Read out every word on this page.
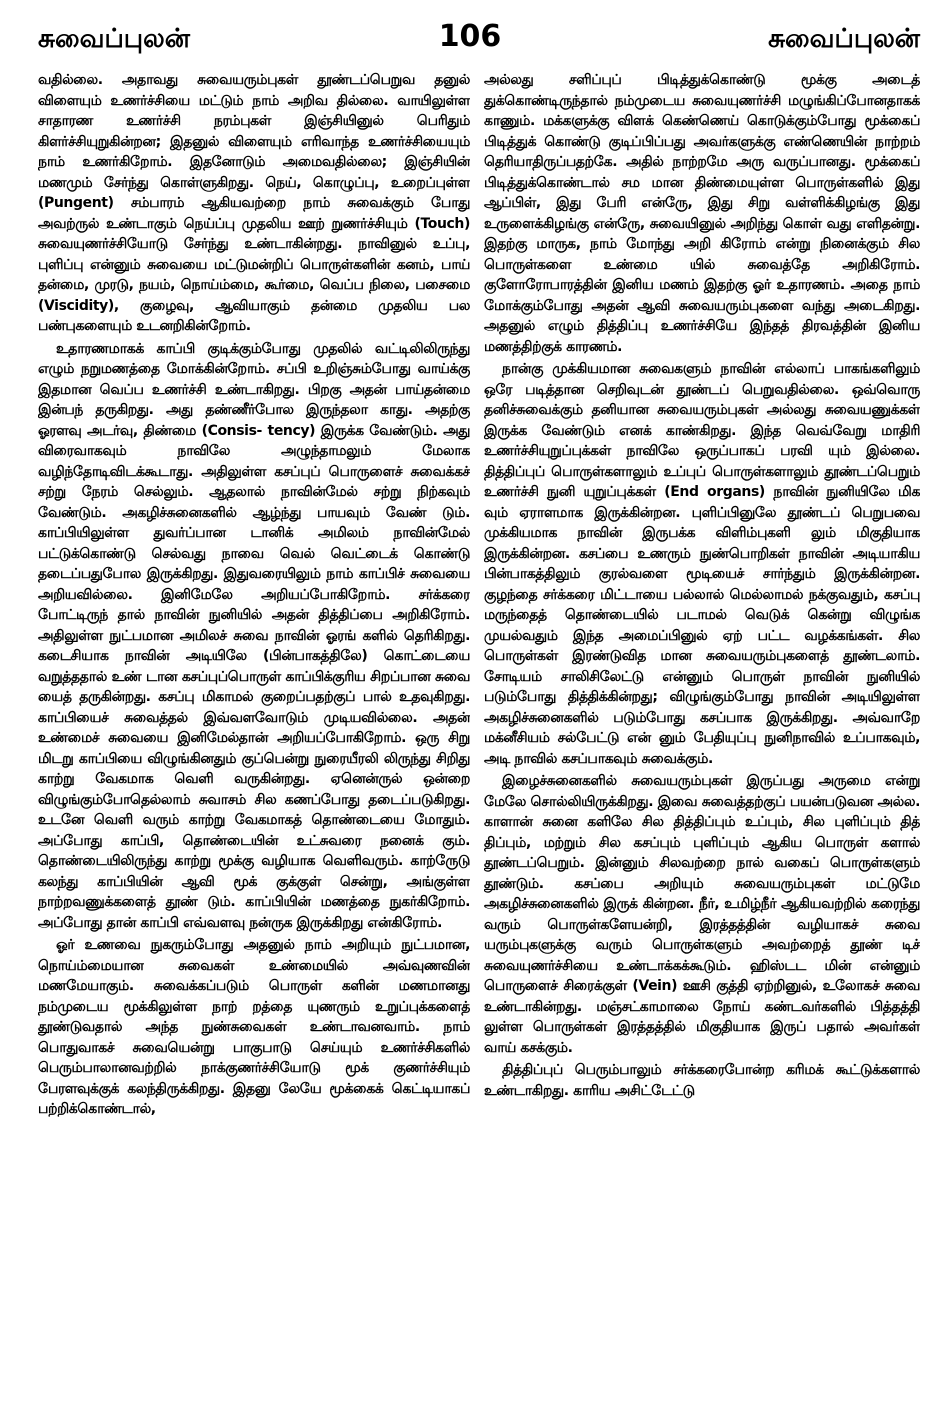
சுவைப்புலன்	106	சுவைப்புலன்

வதில்லை. அதாவது சுவையரும்புகள் தூண்டப்பெறுவ தனுல் விளையும் உணர்ச்சியை மட்டும் நாம் அறிவ தில்லை. வாயிலுள்ள சாதாரண உணர்ச்சி நரம்புகள் இஞ்சியினுல் பெரிதும் கிளர்ச்சியுறுகின்றன; இதனுல் விளையும் எரிவாந்த உணர்ச்சியையும் நாம் உணர்கிறோம். இதனோடும் அமைவதில்லை; இஞ்சியின் மணமும் சேர்ந்து கொள்ளுகிறது. நெய், கொழுப்பு, உறைப்புள்ள (Pungent) சம்பாரம் ஆகியவற்றை நாம் சுவைக்கும் போது அவற்ருல் உண்டாகும் நெய்ப்பு முதலிய ஊற் றுணர்ச்சியும் (Touch) சுவையுணர்ச்சியோடு சேர்ந்து உண்டாகின்றது. நாவினுல் உப்பு, புளிப்பு என்னும் சுவையை மட்டுமன்றிப் பொருள்களின் கனம், பாய் தன்மை, முரடு, நயம், நொய்ம்மை, கூர்மை, வெப்ப நிலை, பசைமை (Viscidity), குழைவு, ஆவியாகும் தன்மை முதலிய பல பண்புகளையும் உடனறிகின்றோம்.

உதாரணமாகக் காப்பி குடிக்கும்போது முதலில் வட்டிலிலிருந்து எழும் நறுமணத்தை மோக்கின்றோம். சப்பி உறிஞ்சும்போது வாய்க்கு இதமான வெப்ப உணர்ச்சி உண்டாகிறது. பிறகு அதன் பாய்தன்மை இன்பந் தருகிறது. அது தண்ணீர்போல இருந்தலா காது. அதற்கு ஓரளவு அடர்வு, திண்மை (Consis- tency) இருக்க வேண்டும். அது விரைவாகவும் நாவிலே அழுந்தாமலும் மேலாக வழிந்தோடிவிடக்கூடாது. அதிலுள்ள கசப்புப் பொருளைச் சுவைக்கச் சற்று நேரம் செல்லும். ஆதலால் நாவின்மேல் சற்று நிற்கவும் வேண்டும். அகழிச்சுனைகளில் ஆழ்ந்து பாயவும் வேண் டும். காப்பியிலுள்ள துவர்ப்பான டானிக் அமிலம் நாவின்மேல் பட்டுக்கொண்டு செல்வது நாவை வெல் வெட்டைக் கொண்டு தடைப்பதுபோல இருக்கிறது. இதுவரையிலும் நாம் காப்பிச் சுவையை அறியவில்லை. இனிமேலே அறியப்போகிறோம். சர்க்கரை போட்டிருந் தால் நாவின் நுனியில் அதன் தித்திப்பை அறிகிரோம். அதிலுள்ள நுட்பமான அமிலச் சுவை நாவின் ஓரங் களில் தெரிகிறது. கடைசியாக நாவின் அடியிலே (பின்பாகத்திலே) கொட்டையை வறுத்ததால் உண் டான கசப்புப்பொருள் காப்பிக்குரிய சிறப்பான சுவை யைத் தருகின்றது. கசப்பு மிகாமல் குறைப்பதற்குப் பால் உதவுகிறது. காப்பியைச் சுவைத்தல் இவ்வளவோடும் முடியவில்லை. அதன் உண்மைச் சுவையை இனிமேல்தான் அறியப்போகிறோம். ஒரு சிறு மிடறு காப்பியை விழுங்கினதும் குப்பென்று நுரையீரலி லிருந்து சிறிது காற்று வேகமாக வெளி வருகின்றது. ஏனென்ருல் ஒன்றை விழுங்கும்போதெல்லாம் சுவாசம் சில கணப்போது தடைப்படுகிறது. உடனே வெளி வரும் காற்று வேகமாகத் தொண்டையை மோதும். அப்போது காப்பி, தொண்டையின் உட்சுவரை நனைக் கும். தொண்டையிலிருந்து காற்று மூக்கு வழியாக வெளிவரும். காற்ருேடு கலந்து காப்பியின் ஆவி மூக் குக்குள் சென்று, அங்குள்ள நாற்றவணுக்களைத் தூண் டும். காப்பியின் மணத்தை நுகர்கிறோம். அப்போது தான் காப்பி எவ்வளவு நன்ருக இருக்கிறது என்கிரோம்.

ஓர் உணவை நுகரும்போது அதனுல் நாம் அறியும் நுட்பமான, நொய்ம்மையான சுவைகள் உண்மையில் அவ்வுணவின் மணமேயாகும். சுவைக்கப்படும் பொருள் களின் மணமானது நம்முடைய மூக்கிலுள்ள நாற் றத்தை யுணரும் உறுப்புக்களைத் தூண்டுவதால் அந்த நுண்சுவைகள் உண்டாவனவாம். நாம் பொதுவாகச் சுவையென்று பாகுபாடு செய்யும் உணர்ச்சிகளில் பெரும்பாலானவற்றில் நாக்குணர்ச்சியோடு மூக் குணர்ச்சியும் பேரளவுக்குக் கலந்திருக்கிறது. இதனு லேயே மூக்கைக் கெட்டியாகப் பற்றிக்கொண்டால்,

அல்லது சளிப்புப் பிடித்துக்கொண்டு மூக்கு அடைத் துக்கொண்டிருந்தால் நம்முடைய சுவையுணர்ச்சி மழுங்கிப்போனதாகக் காணும். மக்களுக்கு விளக் கெண்ணெய் கொடுக்கும்போது மூக்கைப் பிடித்துக் கொண்டு குடிப்பிப்பது அவர்களுக்கு எண்ணெயின் நாற்றம் தெரியாதிருப்பதற்கே. அதில் நாற்றமே அரு வருப்பானது. மூக்கைப் பிடித்துக்கொண்டால் சம மான திண்மையுள்ள பொருள்களில் இது ஆப்பிள், இது பேரி என்ருே, இது சிறு வள்ளிக்கிழங்கு இது உருளைக்கிழங்கு என்ருே, சுவையினுல் அறிந்து கொள் வது எளிதன்று. இதற்கு மாருக, நாம் மோந்து அறி கிரோம் என்று நினைக்கும் சில பொருள்களை உண்மை யில் சுவைத்தே அறிகிரோம். குளோரோபாரத்தின் இனிய மணம் இதற்கு ஓர் உதாரணம். அதை நாம் மோக்கும்போது அதன் ஆவி சுவையரும்புகளை வந்து அடைகிறது. அதனுல் எழும் தித்திப்பு உணர்ச்சியே இந்தத் திரவத்தின் இனிய மணத்திற்குக் காரணம்.

நான்கு முக்கியமான சுவைகளும் நாவின் எல்லாப் பாகங்களிலும் ஒரே படித்தான செறிவுடன் தூண்டப் பெறுவதில்லை. ஒவ்வொரு தனிச்சுவைக்கும் தனியான சுவையரும்புகள் அல்லது சுவையணுக்கள் இருக்க வேண்டும் எனக் காண்கிறது. இந்த வெவ்வேறு மாதிரி உணர்ச்சியுறுப்புக்கள் நாவிலே ஒருப்பாகப் பரவி யும் இல்லை. தித்திப்புப் பொருள்களாலும் உப்புப் பொருள்களாலும் தூண்டப்பெறும் உணர்ச்சி நுனி யுறுப்புக்கள் (End organs) நாவின் நுனியிலே மிக வும் ஏராளமாக இருக்கின்றன. புளிப்பினுலே தூண்டப் பெறுபவை முக்கியமாக நாவின் இருபக்க விளிம்புகளி லும் மிகுதியாக இருக்கின்றன. கசப்பை உணரும் நுண்பொறிகள் நாவின் அடியாகிய பின்பாகத்திலும் குரல்வளை மூடியைச் சார்ந்தும் இருக்கின்றன. குழந்தை சர்க்கரை மிட்டாயை பல்லால் மெல்லாமல் நக்குவதும், கசப்பு மருந்தைத் தொண்டையில் படாமல் வெடுக் கென்று விழுங்க முயல்வதும் இந்த அமைப்பினுல் ஏற் பட்ட வழக்கங்கள். சில பொருள்கள் இரண்டுவித மான சுவையரும்புகளைத் தூண்டலாம். சோடியம் சாலிசிலேட்டு என்னும் பொருள் நாவின் நுனியில் படும்போது தித்திக்கின்றது; விழுங்கும்போது நாவின் அடியிலுள்ள அகழிச்சுனைகளில் படும்போது கசப்பாக இருக்கிறது. அவ்வாறே மக்னீசியம் சல்பேட்டு என் னும் பேதியுப்பு நுனிநாவில் உப்பாகவும், அடி நாவில் கசப்பாகவும் சுவைக்கும்.

இழைச்சுனைகளில் சுவையரும்புகள் இருப்பது அருமை என்று மேலே சொல்லியிருக்கிறது. இவை சுவைத்தற்குப் பயன்படுவன அல்ல. காளான் சுனை களிலே சில தித்திப்பும் உப்பும், சில புளிப்பும் தித் திப்பும், மற்றும் சில கசப்பும் புளிப்பும் ஆகிய பொருள் களால் தூண்டப்பெறும். இன்னும் சிலவற்றை நால் வகைப் பொருள்களும் தூண்டும். கசப்பை அறியும் சுவையரும்புகள் மட்டுமே அகழிச்சுனைகளில் இருக் கின்றன. நீர், உமிழ்நீர் ஆகியவற்றில் கரைந்து வரும் பொருள்களேயன்றி, இரத்தத்தின் வழியாகச் சுவை யரும்புகளுக்கு வரும் பொருள்களும் அவற்றைத் தூண் டிச் சுவையுணர்ச்சியை உண்டாக்கக்கூடும். ஹிஸ்டட மின் என்னும் பொருளைச் சிரைக்குள் (Vein) ஊசி குத்தி ஏற்றினுல், உலோகச் சுவை உண்டாகின்றது. மஞ்சட்காமாலை நோய் கண்டவர்களில் பித்தத்தி லுள்ள பொருள்கள் இரத்தத்தில் மிகுதியாக இருப் பதால் அவர்கள் வாய் கசக்கும்.

தித்திப்புப் பெரும்பாலும் சர்க்கரைபோன்ற கரிமக் கூட்டுக்களால் உண்டாகிறது. காரிய அசிட்டேட்டு
